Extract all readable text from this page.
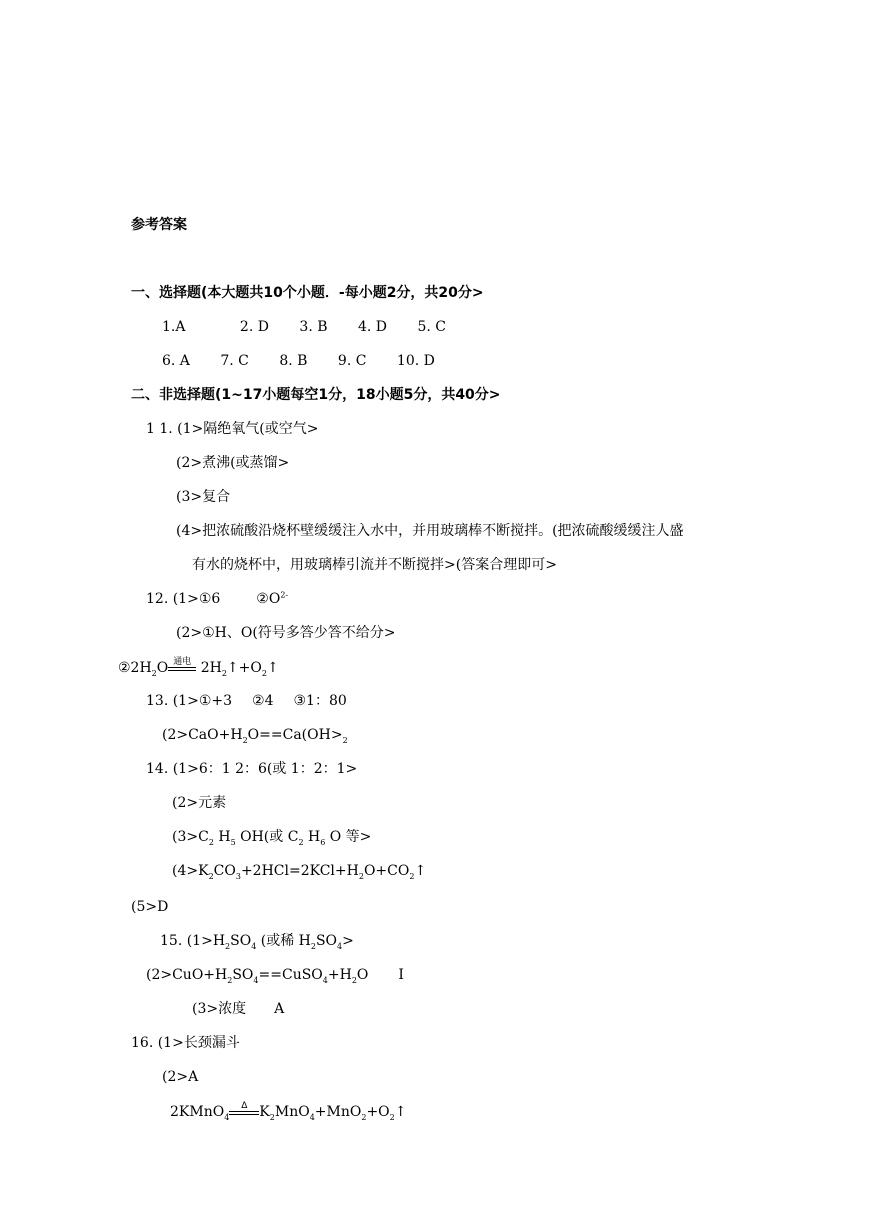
参考答案
一、选择题(本大题共10个小题．-每小题2分，共20分>
1.A	2. D 3. B 4. D 5. C
6. A 7. C 8. B 9. C 10. D
二、非选择题(1~17小题每空1分，18小题5分，共40分>
1 1. (1>隔绝氧气(或空气>
(2>煮沸(或蒸馏>
(3>复合
(4>把浓硫酸沿烧杯壁缓缓注入水中，并用玻璃棒不断搅拌。(把浓硫酸缓缓注人盛
有水的烧杯中，用玻璃棒引流并不断搅拌>(答案合理即可>
12. (1>①6	$②O^{2-}$
(2>①H、O(符号多答少答不给分>
$②2H_2O$ 通电 $2H_2↑+O_2↑$
13. (1>①+3 ②4 ③1：80
($2>CaO+H_2O==Ca(OH>_2$
14. (1>6：1 2：6(或 1：2：1>
(2>元素
($3>C_2$ $H_5$ OH(或 $C_2$ $H_6$ O 等>
($4>K_2CO_3+2HCl=2KCl+H_2O+CO_2↑$
(5>D
15. ($1>H_2SO_4$ (或稀 $H_2SO_4>$
($2>CuO+H_2SO_4==CuSO_4+H_2O$ I
(3>浓度 A
16. (1>长颈漏斗
(2>A
2KMnO$_4$
Δ $K_2MnO_4+MnO_2+O_2↑$
